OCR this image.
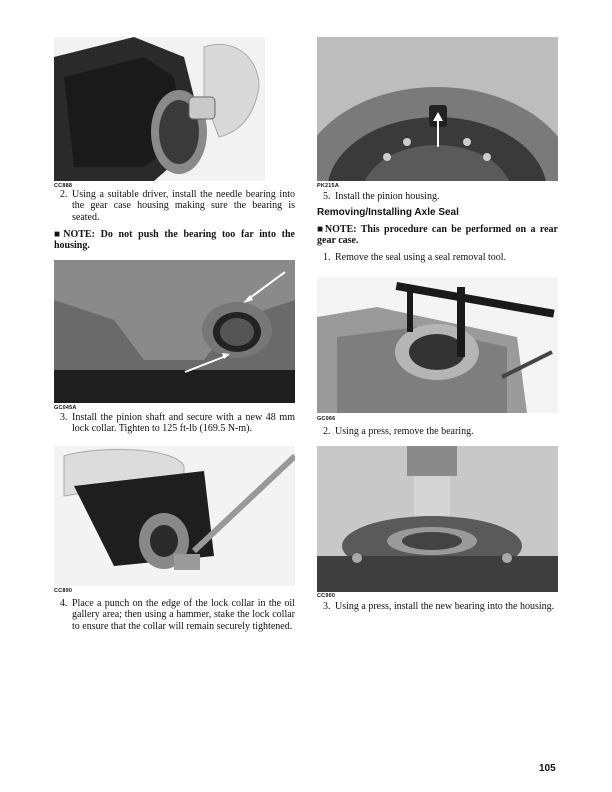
CC888
2. Using a suitable driver, install the needle bearing into the gear case housing making sure the bearing is seated.
■NOTE: Do not push the bearing too far into the housing.
GC045A
3. Install the pinion shaft and secure with a new 48 mm lock collar. Tighten to 125 ft-lb (169.5 N-m).
CC890
4. Place a punch on the edge of the lock collar in the oil gallery area; then using a hammer, stake the lock collar to ensure that the collar will remain securely tightened.
PK215A
5. Install the pinion housing.
Removing/Installing Axle Seal
■NOTE: This procedure can be performed on a rear gear case.
1. Remove the seal using a seal removal tool.
GC066
2. Using a press, remove the bearing.
CC900
3. Using a press, install the new bearing into the housing.
105
